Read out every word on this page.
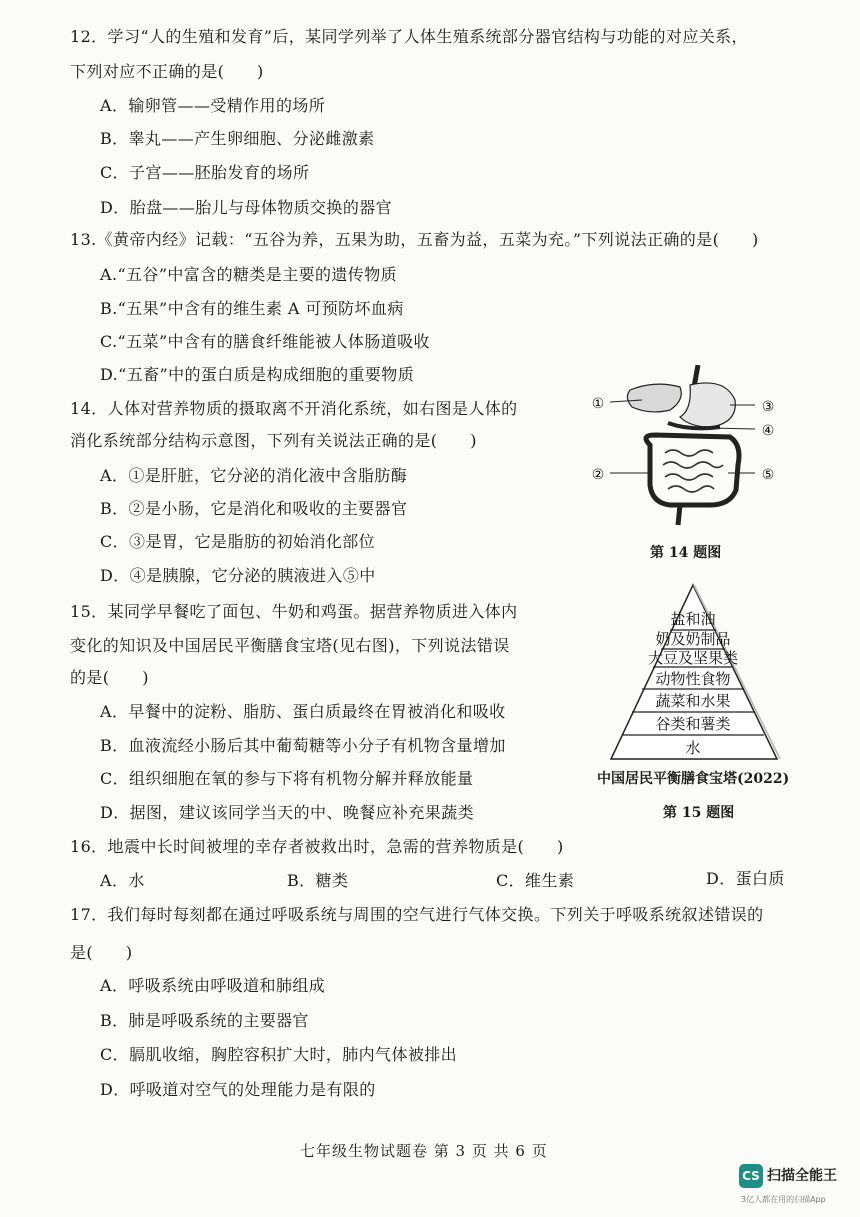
12．学习“人的生殖和发育”后，某同学列举了人体生殖系统部分器官结构与功能的对应关系，
下列对应不正确的是(　　)
A．输卵管——受精作用的场所
B．睾丸——产生卵细胞、分泌雌激素
C．子宫——胚胎发育的场所
D．胎盘——胎儿与母体物质交换的器官
13.《黄帝内经》记载：“五谷为养，五果为助，五畜为益，五菜为充。”下列说法正确的是(　　)
A.“五谷”中富含的糖类是主要的遗传物质
B.“五果”中含有的维生素 A 可预防坏血病
C.“五菜”中含有的膳食纤维能被人体肠道吸收
D.“五畜”中的蛋白质是构成细胞的重要物质
14．人体对营养物质的摄取离不开消化系统，如右图是人体的
消化系统部分结构示意图，下列有关说法正确的是(　　)
A．①是肝脏，它分泌的消化液中含脂肪酶
B．②是小肠，它是消化和吸收的主要器官
C．③是胃，它是脂肪的初始消化部位
D．④是胰腺，它分泌的胰液进入⑤中
①
②
③
④
⑤
第 14 题图
15．某同学早餐吃了面包、牛奶和鸡蛋。据营养物质进入体内
变化的知识及中国居民平衡膳食宝塔(见右图)，下列说法错误
的是(　　)
A．早餐中的淀粉、脂肪、蛋白质最终在胃被消化和吸收
B．血液流经小肠后其中葡萄糖等小分子有机物含量增加
C．组织细胞在氧的参与下将有机物分解并释放能量
D．据图，建议该同学当天的中、晚餐应补充果蔬类
盐和油
奶及奶制品
大豆及坚果类
动物性食物
蔬菜和水果
谷类和薯类
水
中国居民平衡膳食宝塔(2022)
第 15 题图
16．地震中长时间被埋的幸存者被救出时，急需的营养物质是(　　)
A．水	B．糖类	C．维生素	D．蛋白质
17．我们每时每刻都在通过呼吸系统与周围的空气进行气体交换。下列关于呼吸系统叙述错误的
是(　　)
A．呼吸系统由呼吸道和肺组成
B．肺是呼吸系统的主要器官
C．膈肌收缩，胸腔容积扩大时，肺内气体被排出
D．呼吸道对空气的处理能力是有限的
七年级生物试题卷 第 3 页 共 6 页
CS 扫描全能王
3亿人都在用的扫描App
